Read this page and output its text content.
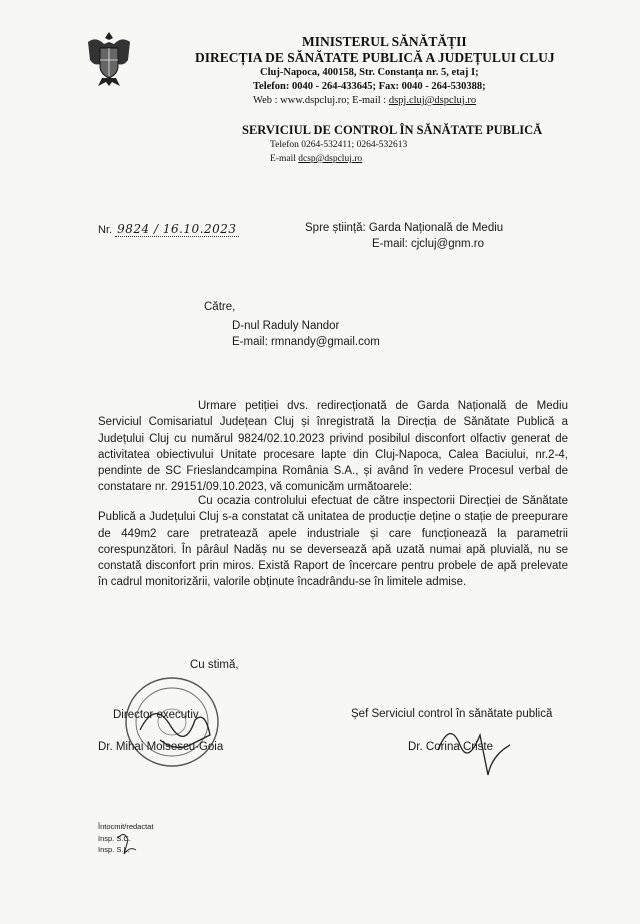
MINISTERUL SĂNĂTĂȚII
DIRECȚIA DE SĂNĂTATE PUBLICĂ A JUDEȚULUI CLUJ
Cluj-Napoca, 400158, Str. Constanța nr. 5, etaj I;
Telefon: 0040 - 264-433645; Fax: 0040 - 264-530388;
Web : www.dspcluj.ro; E-mail : dspj.cluj@dspcluj.ro
SERVICIUL DE CONTROL ÎN SĂNĂTATE PUBLICĂ
Telefon 0264-532411; 0264-532613
E-mail dcsp@dspcluj.ro
Nr. 9824 / 16.10.2023	Spre știință: Garda Națională de Mediu
E-mail: cjcluj@gnm.ro
Către,
D-nul Raduly Nandor
E-mail: rmnandy@gmail.com
Urmare petiției dvs. redirecționată de Garda Națională de Mediu Serviciul Comisariatul Județean Cluj și înregistrată la Direcția de Sănătate Publică a Județului Cluj cu numărul 9824/02.10.2023 privind posibilul disconfort olfactiv generat de activitatea obiectivului Unitate procesare lapte din Cluj-Napoca, Calea Baciului, nr.2-4, pendinte de SC Frieslandcampina România S.A., și având în vedere Procesul verbal de constatare nr. 29151/09.10.2023, vă comunicăm următoarele:
Cu ocazia controlului efectuat de către inspectorii Direcției de Sănătate Publică a Județului Cluj s-a constatat că unitatea de producție deține o stație de preepurare de 449m2 care pretratează apele industriale și care funcționează la parametrii corespunzători. În pârâul Nadăș nu se deversează apă uzată numai apă pluvială, nu se constată disconfort prin miros. Există Raport de încercare pentru probele de apă prelevate în cadrul monitorizării, valorile obținute încadrându-se în limitele admise.
Cu stimă,
Director executiv
Dr. Mihai Moisescu-Goia
Șef Serviciul control în sănătate publică
Dr. Corina Criste
Întocmit/redactat
Insp. S.C.
Insp. S.L.
